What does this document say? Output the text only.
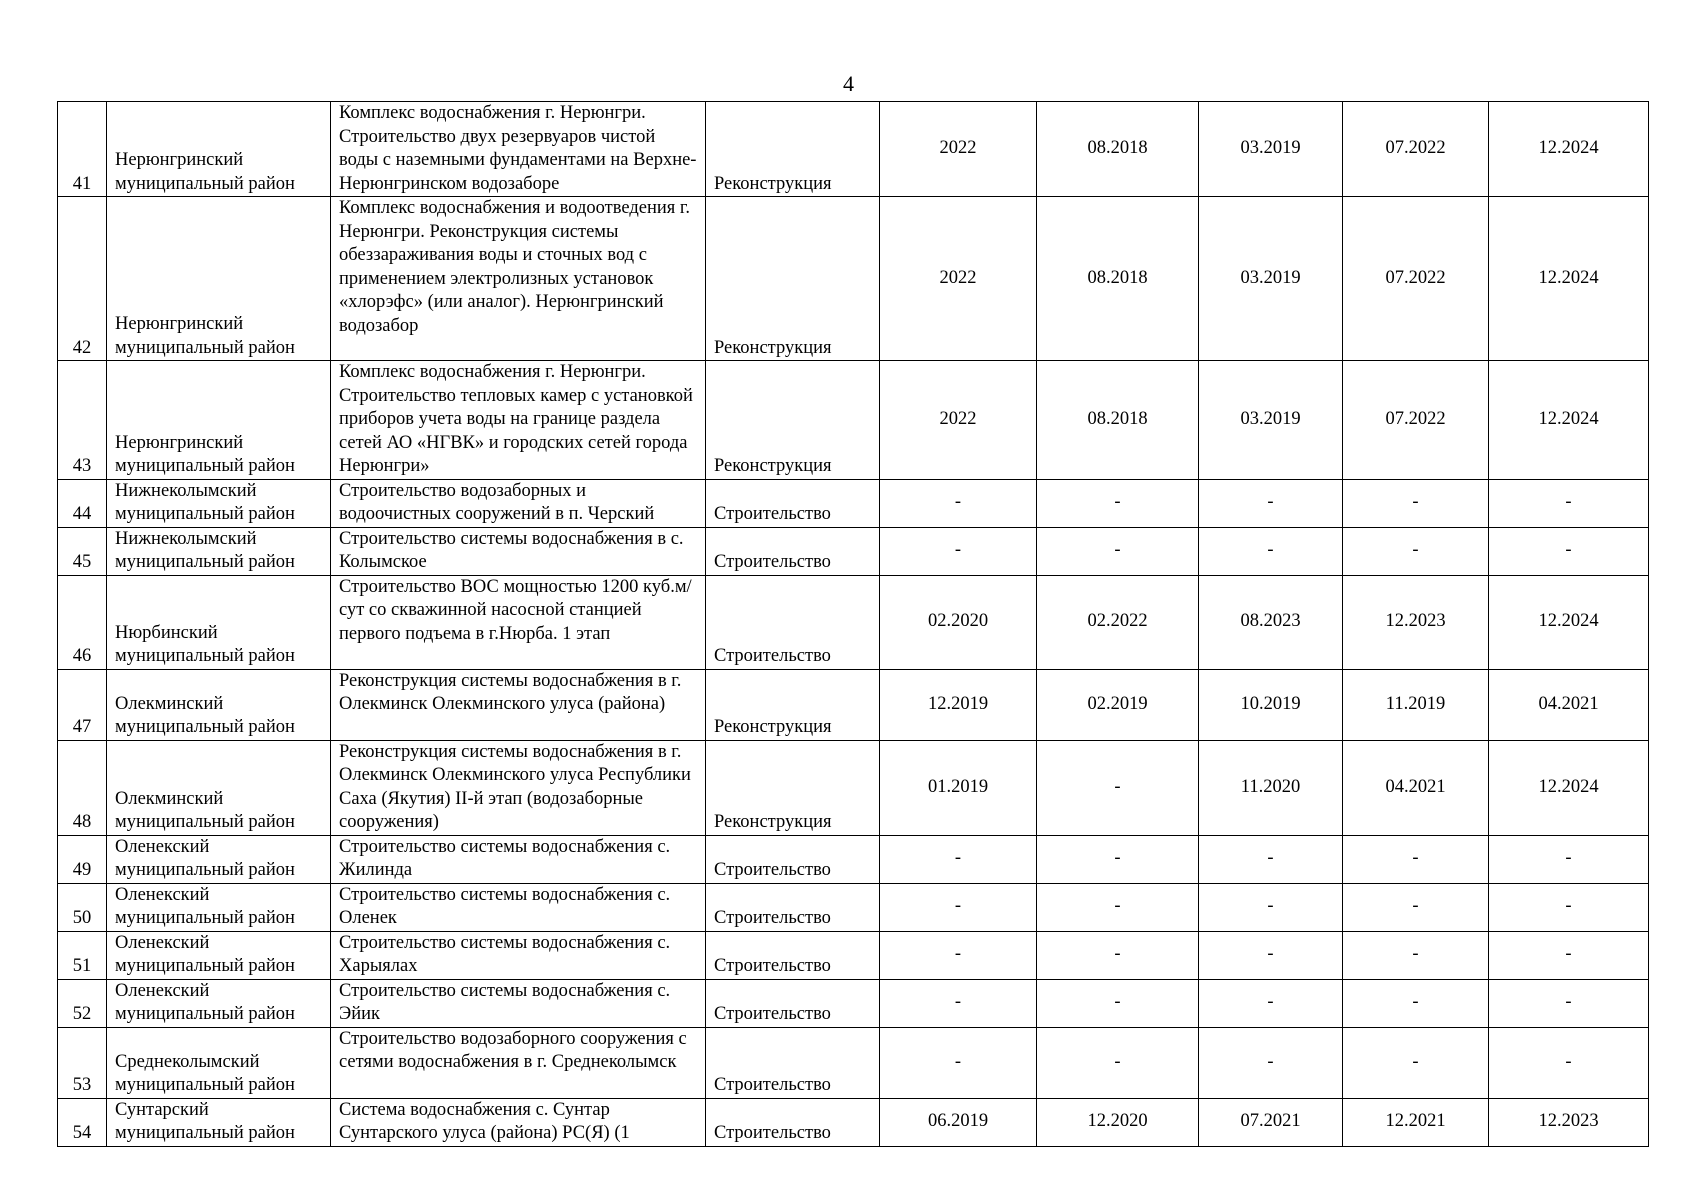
4
41	Нерюнгринский муниципальный район	Комплекс водоснабжения г. Нерюнгри. Строительство двух резервуаров чистой воды с наземными фундаментами на Верхне-Нерюнгринском водозаборе	Реконструкция	2022	08.2018	03.2019	07.2022	12.2024
42	Нерюнгринский муниципальный район	Комплекс водоснабжения и водоотведения г. Нерюнгри. Реконструкция системы обеззараживания воды и сточных вод с применением электролизных установок «хлорэфс» (или аналог). Нерюнгринский водозабор	Реконструкция	2022	08.2018	03.2019	07.2022	12.2024
43	Нерюнгринский муниципальный район	Комплекс водоснабжения г. Нерюнгри. Строительство тепловых камер с установкой приборов учета воды на границе раздела сетей АО «НГВК» и городских сетей города Нерюнгри»	Реконструкция	2022	08.2018	03.2019	07.2022	12.2024
44	Нижнеколымский муниципальный район	Строительство водозаборных и водоочистных сооружений в п. Черский	Строительство	-	-	-	-	-
45	Нижнеколымский муниципальный район	Строительство системы водоснабжения в с. Колымское	Строительство	-	-	-	-	-
46	Нюрбинский муниципальный район	Строительство ВОС мощностью 1200 куб.м/сут со скважинной насосной станцией первого подъема в г.Нюрба. 1 этап	Строительство	02.2020	02.2022	08.2023	12.2023	12.2024
47	Олекминский муниципальный район	Реконструкция системы водоснабжения в г. Олекминск Олекминского улуса (района)	Реконструкция	12.2019	02.2019	10.2019	11.2019	04.2021
48	Олекминский муниципальный район	Реконструкция системы водоснабжения в г. Олекминск Олекминского улуса Республики Саха (Якутия) II-й этап (водозаборные сооружения)	Реконструкция	01.2019	-	11.2020	04.2021	12.2024
49	Оленекский муниципальный район	Строительство системы водоснабжения с. Жилинда	Строительство	-	-	-	-	-
50	Оленекский муниципальный район	Строительство системы водоснабжения с. Оленек	Строительство	-	-	-	-	-
51	Оленекский муниципальный район	Строительство системы водоснабжения с. Харыялах	Строительство	-	-	-	-	-
52	Оленекский муниципальный район	Строительство системы водоснабжения с. Эйик	Строительство	-	-	-	-	-
53	Среднеколымский муниципальный район	Строительство водозаборного сооружения с сетями водоснабжения в г. Среднеколымск	Строительство	-	-	-	-	-
54	Сунтарский муниципальный район	Система водоснабжения с. Сунтар Сунтарского улуса (района) РС(Я) (1	Строительство	06.2019	12.2020	07.2021	12.2021	12.2023
